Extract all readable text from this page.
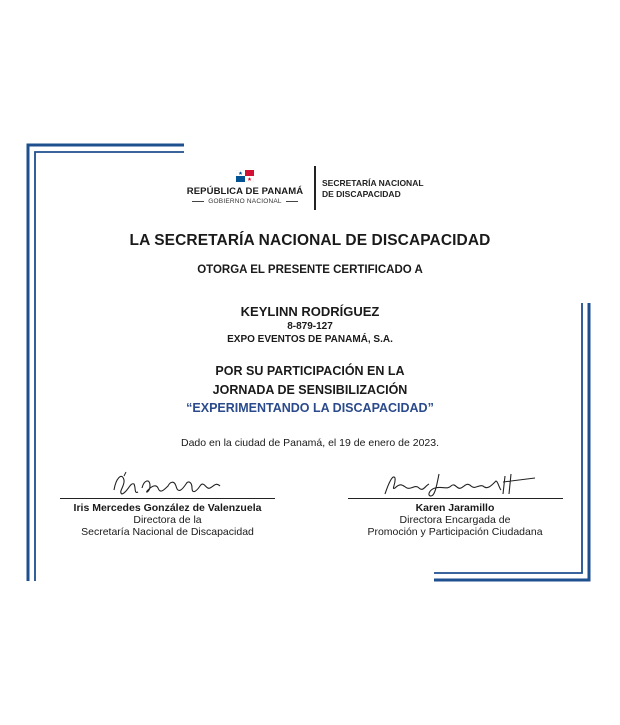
REPÚBLICA DE PANAMÁ
GOBIERNO NACIONAL
SECRETARÍA NACIONAL
DE DISCAPACIDAD
LA SECRETARÍA NACIONAL DE DISCAPACIDAD
OTORGA EL PRESENTE CERTIFICADO A
KEYLINN RODRÍGUEZ
8-879-127
EXPO EVENTOS DE PANAMÁ, S.A.
POR SU PARTICIPACIÓN EN LA
JORNADA DE SENSIBILIZACIÓN
“EXPERIMENTANDO LA DISCAPACIDAD”
Dado en la ciudad de Panamá, el 19 de enero de 2023.
Iris Mercedes González de Valenzuela
Directora de la
Secretaría Nacional de Discapacidad
Karen Jaramillo
Directora Encargada de
Promoción y Participación Ciudadana
